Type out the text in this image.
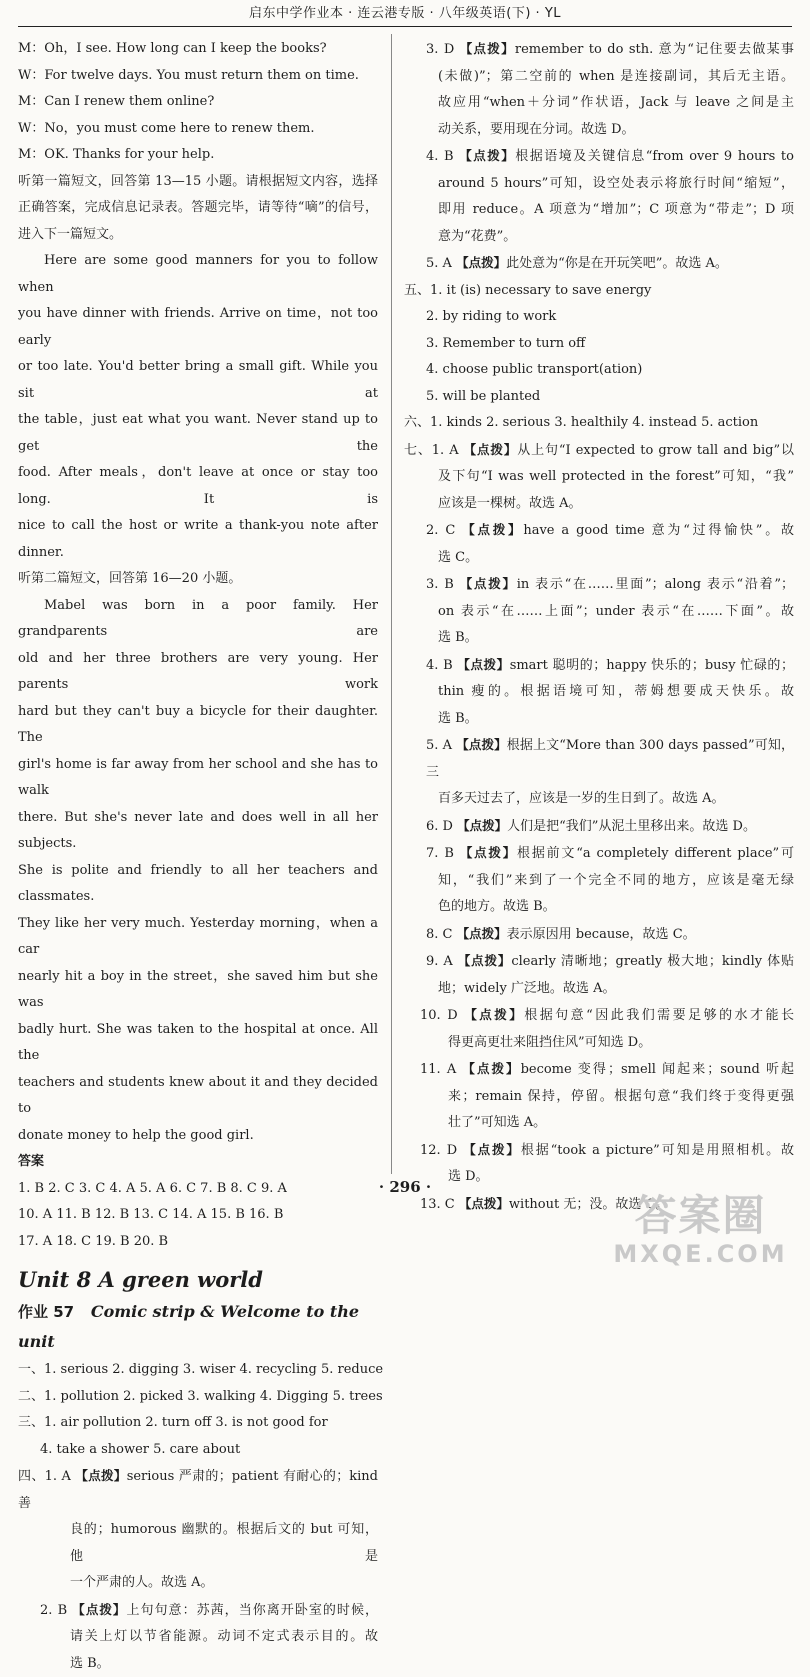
启东中学作业本 · 连云港专版 · 八年级英语(下) · YL
M：Oh，I see. How long can I keep the books?
W：For twelve days. You must return them on time.
M：Can I renew them online?
W：No，you must come here to renew them.
M：OK. Thanks for your help.
听第一篇短文，回答第 13—15 小题。请根据短文内容，选择
正确答案，完成信息记录表。答题完毕，请等待“嘀”的信号，
进入下一篇短文。
Here are some good manners for you to follow when
you have dinner with friends. Arrive on time，not too early
or too late. You'd better bring a small gift. While you sit at
the table，just eat what you want. Never stand up to get the
food. After meals，don't leave at once or stay too long. It is
nice to call the host or write a thank-you note after dinner.
听第二篇短文，回答第 16—20 小题。
Mabel was born in a poor family. Her grandparents are
old and her three brothers are very young. Her parents work
hard but they can't buy a bicycle for their daughter. The
girl's home is far away from her school and she has to walk
there. But she's never late and does well in all her subjects.
She is polite and friendly to all her teachers and classmates.
They like her very much. Yesterday morning，when a car
nearly hit a boy in the street，she saved him but she was
badly hurt. She was taken to the hospital at once. All the
teachers and students knew about it and they decided to
donate money to help the good girl.
答案
1. B 2. C 3. C 4. A 5. A 6. C 7. B 8. C 9. A
10. A 11. B 12. B 13. C 14. A 15. B 16. B
17. A 18. C 19. B 20. B
Unit 8 A green world
作业 57 Comic strip & Welcome to the unit
一、1. serious 2. digging 3. wiser 4. recycling 5. reduce
二、1. pollution 2. picked 3. walking 4. Digging 5. trees
三、1. air pollution 2. turn off 3. is not good for
4. take a shower 5. care about
四、1. A 【点拨】serious 严肃的；patient 有耐心的；kind 善
良的；humorous 幽默的。根据后文的 but 可知，他是
一个严肃的人。故选 A。
2. B 【点拨】上句句意：苏茜，当你离开卧室的时候，
请关上灯以节省能源。动词不定式表示目的。故
选 B。
3. D 【点拨】remember to do sth. 意为“记住要去做某事
(未做)”；第二空前的 when 是连接副词，其后无主语。
故应用“when＋分词”作状语，Jack 与 leave 之间是主
动关系，要用现在分词。故选 D。
4. B 【点拨】根据语境及关键信息“from over 9 hours to
around 5 hours”可知，设空处表示将旅行时间“缩短”，
即用 reduce。A 项意为“增加”；C 项意为“带走”；D 项
意为“花费”。
5. A 【点拨】此处意为“你是在开玩笑吧”。故选 A。
五、1. it (is) necessary to save energy
2. by riding to work
3. Remember to turn off
4. choose public transport(ation)
5. will be planted
六、1. kinds 2. serious 3. healthily 4. instead 5. action
七、1. A 【点拨】从上句“I expected to grow tall and big”以
及下句“I was well protected in the forest”可知，“我”
应该是一棵树。故选 A。
2. C 【点拨】have a good time 意为“过得愉快”。故
选 C。
3. B 【点拨】in 表示“在……里面”；along 表示“沿着”；
on 表示“在……上面”；under 表示“在……下面”。故
选 B。
4. B 【点拨】smart 聪明的；happy 快乐的；busy 忙碌的；
thin 瘦的。根据语境可知，蒂姆想要成天快乐。故
选 B。
5. A 【点拨】根据上文“More than 300 days passed”可知，三
百多天过去了，应该是一岁的生日到了。故选 A。
6. D 【点拨】人们是把“我们”从泥土里移出来。故选 D。
7. B 【点拨】根据前文“a completely different place”可
知，“我们”来到了一个完全不同的地方，应该是毫无绿
色的地方。故选 B。
8. C 【点拨】表示原因用 because，故选 C。
9. A 【点拨】clearly 清晰地；greatly 极大地；kindly 体贴
地；widely 广泛地。故选 A。
10. D 【点拨】根据句意“因此我们需要足够的水才能长
得更高更壮来阻挡住风”可知选 D。
11. A 【点拨】become 变得；smell 闻起来；sound 听起
来；remain 保持，停留。根据句意“我们终于变得更强
壮了”可知选 A。
12. D 【点拨】根据“took a picture”可知是用照相机。故
选 D。
13. C 【点拨】without 无；没。故选 C。
· 296 ·
答案圈
MXQE.COM
